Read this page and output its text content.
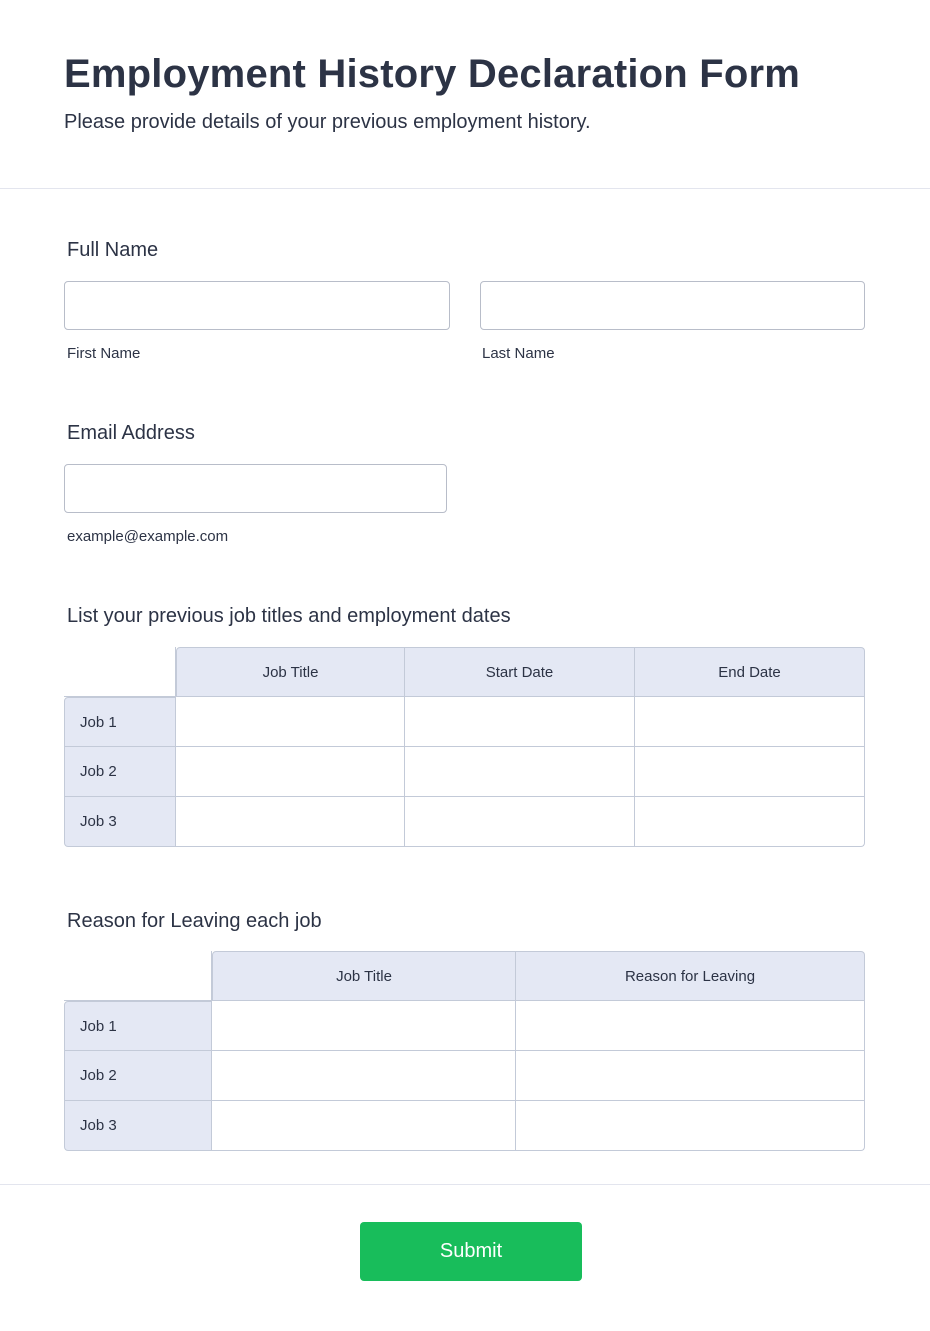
Employment History Declaration Form

Please provide details of your previous employment history.

Full Name
First Name	Last Name
Email Address
example@example.com
List your previous job titles and employment dates
	Job Title	Start Date	End Date
Job 1			
Job 2			
Job 3			
Reason for Leaving each job
	Job Title	Reason for Leaving
Job 1		
Job 2		
Job 3		
Submit
